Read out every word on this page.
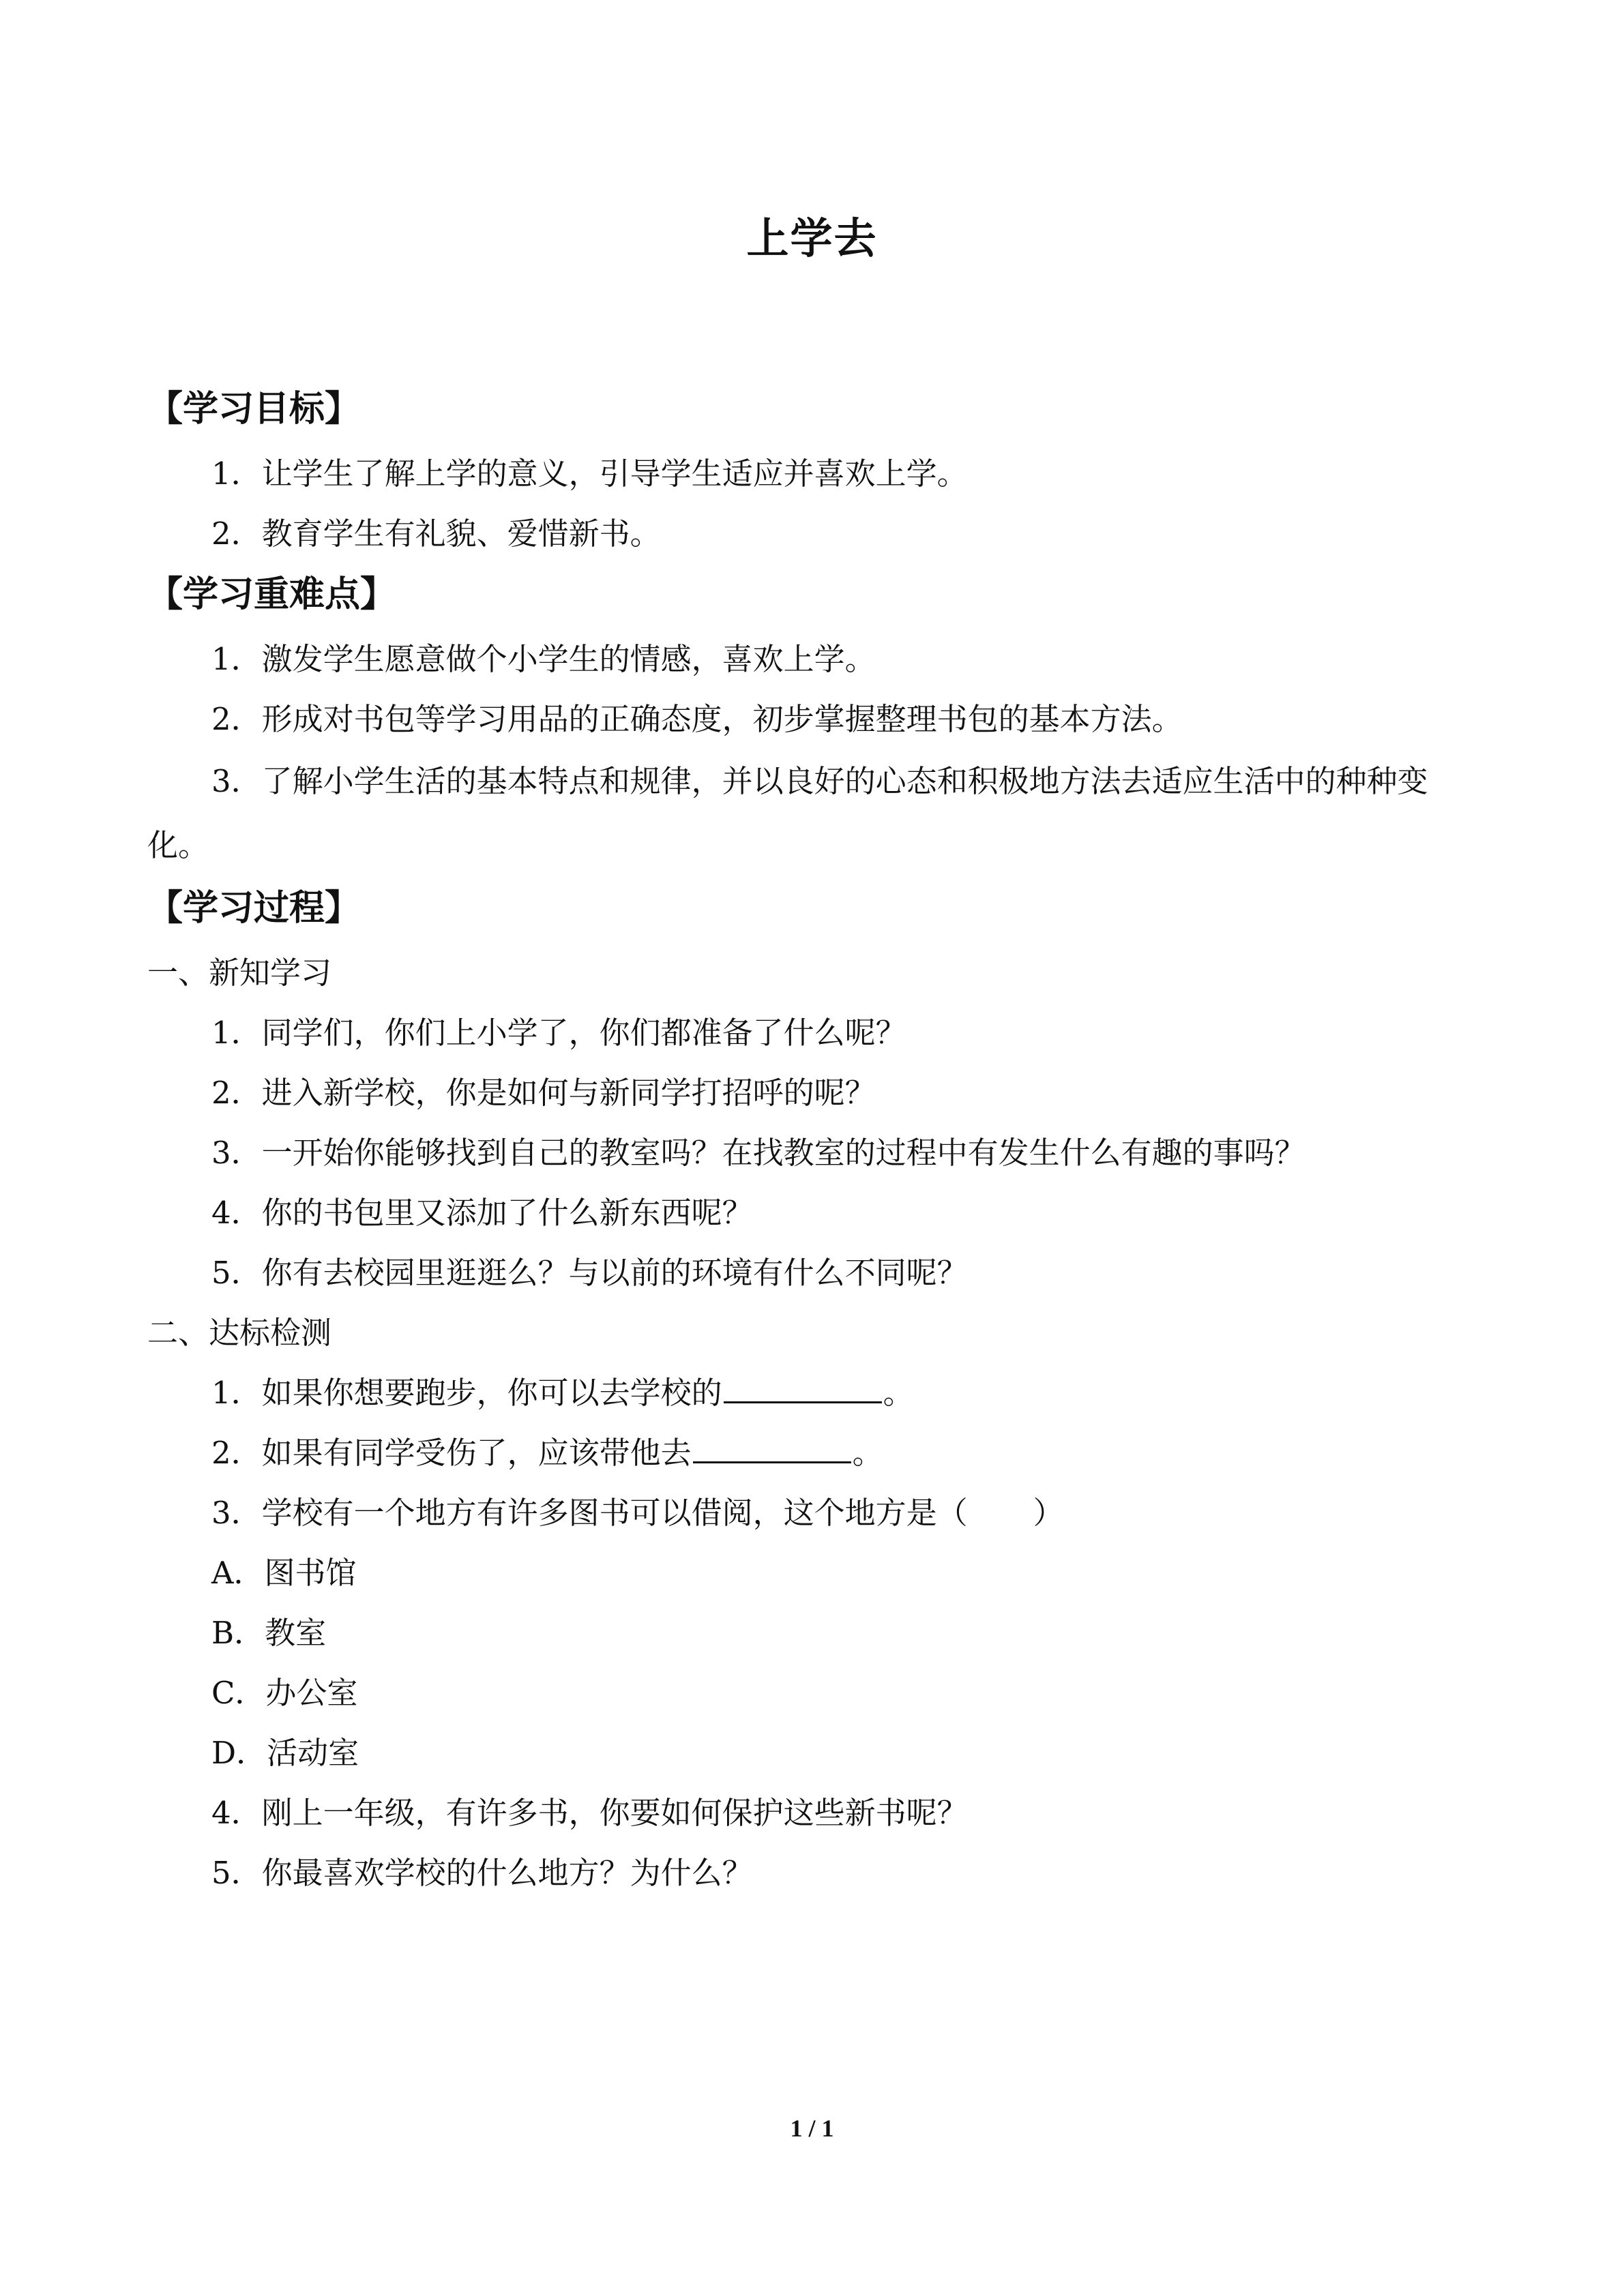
上学去
【学习目标】

1．让学生了解上学的意义，引导学生适应并喜欢上学。

2．教育学生有礼貌、爱惜新书。

【学习重难点】

1．激发学生愿意做个小学生的情感，喜欢上学。

2．形成对书包等学习用品的正确态度，初步掌握整理书包的基本方法。

3．了解小学生活的基本特点和规律，并以良好的心态和积极地方法去适应生活中的种种变化。

【学习过程】

一、新知学习

1．同学们，你们上小学了，你们都准备了什么呢？

2．进入新学校，你是如何与新同学打招呼的呢？

3．一开始你能够找到自己的教室吗？在找教室的过程中有发生什么有趣的事吗？

4．你的书包里又添加了什么新东西呢？

5．你有去校园里逛逛么？与以前的环境有什么不同呢？

二、达标检测

1．如果你想要跑步，你可以去学校的	。

2．如果有同学受伤了，应该带他去	。

3．学校有一个地方有许多图书可以借阅，这个地方是（ ）

A．图书馆

B．教室

C．办公室

D．活动室

4．刚上一年级，有许多书，你要如何保护这些新书呢？

5．你最喜欢学校的什么地方？为什么？

1 / 1
